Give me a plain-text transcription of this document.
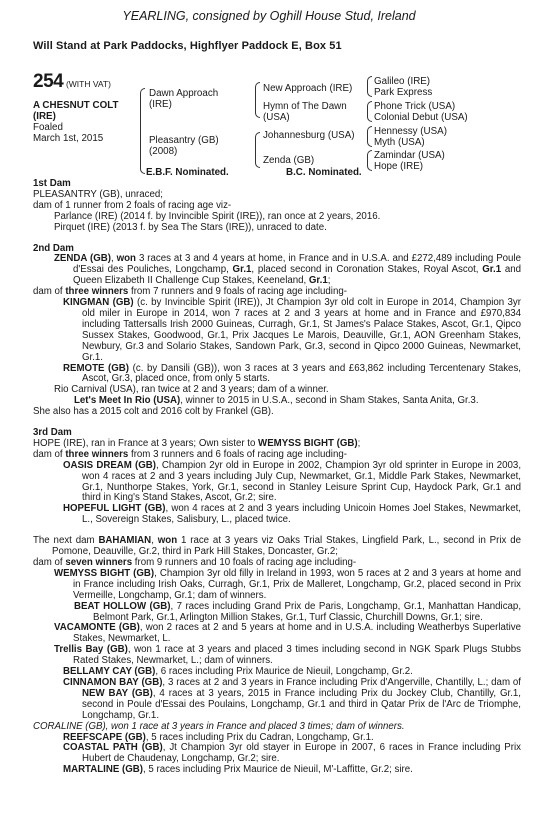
YEARLING, consigned by Oghill House Stud, Ireland
Will Stand at Park Paddocks, Highflyer Paddock E, Box 51
254 (WITH VAT)
A CHESNUT COLT
(IRE)
Foaled
March 1st, 2015
Dawn Approach
(IRE)
Pleasantry (GB)
(2008)
New Approach (IRE)
Hymn of The Dawn
(USA)
Johannesburg (USA)
Zenda (GB)
Galileo (IRE)
Park Express
Phone Trick (USA)
Colonial Debut (USA)
Hennessy (USA)
Myth (USA)
Zamindar (USA)
Hope (IRE)
E.B.F. Nominated.	B.C. Nominated.

1st Dam

PLEASANTRY (GB), unraced;

dam of 1 runner from 2 foals of racing age viz-

Parlance (IRE) (2014 f. by Invincible Spirit (IRE)), ran once at 2 years, 2016.

Pirquet (IRE) (2013 f. by Sea The Stars (IRE)), unraced to date.

2nd Dam

ZENDA (GB), won 3 races at 3 and 4 years at home, in France and in U.S.A. and £272,489 including Poule d'Essai des Pouliches, Longchamp, Gr.1, placed second in Coronation Stakes, Royal Ascot, Gr.1 and Queen Elizabeth II Challenge Cup Stakes, Keeneland, Gr.1;

dam of three winners from 7 runners and 9 foals of racing age including-

KINGMAN (GB) (c. by Invincible Spirit (IRE)), Jt Champion 3yr old colt in Europe in 2014, Champion 3yr old miler in Europe in 2014, won 7 races at 2 and 3 years at home and in France and £970,834 including Tattersalls Irish 2000 Guineas, Curragh, Gr.1, St James's Palace Stakes, Ascot, Gr.1, Qipco Sussex Stakes, Goodwood, Gr.1, Prix Jacques Le Marois, Deauville, Gr.1, AON Greenham Stakes, Newbury, Gr.3 and Solario Stakes, Sandown Park, Gr.3, second in Qipco 2000 Guineas, Newmarket, Gr.1.

REMOTE (GB) (c. by Dansili (GB)), won 3 races at 3 years and £63,862 including Tercentenary Stakes, Ascot, Gr.3, placed once, from only 5 starts.

Rio Carnival (USA), ran twice at 2 and 3 years; dam of a winner.

Let's Meet In Rio (USA), winner to 2015 in U.S.A., second in Sham Stakes, Santa Anita, Gr.3.

She also has a 2015 colt and 2016 colt by Frankel (GB).

3rd Dam

HOPE (IRE), ran in France at 3 years; Own sister to WEMYSS BIGHT (GB);

dam of three winners from 3 runners and 6 foals of racing age including-

OASIS DREAM (GB), Champion 2yr old in Europe in 2002, Champion 3yr old sprinter in Europe in 2003, won 4 races at 2 and 3 years including July Cup, Newmarket, Gr.1, Middle Park Stakes, Newmarket, Gr.1, Nunthorpe Stakes, York, Gr.1, second in Stanley Leisure Sprint Cup, Haydock Park, Gr.1 and third in King's Stand Stakes, Ascot, Gr.2; sire.

HOPEFUL LIGHT (GB), won 4 races at 2 and 3 years including Unicoin Homes Joel Stakes, Newmarket, L., Sovereign Stakes, Salisbury, L., placed twice.

The next dam BAHAMIAN, won 1 race at 3 years viz Oaks Trial Stakes, Lingfield Park, L., second in Prix de Pomone, Deauville, Gr.2, third in Park Hill Stakes, Doncaster, Gr.2;

dam of seven winners from 9 runners and 10 foals of racing age including-

WEMYSS BIGHT (GB), Champion 3yr old filly in Ireland in 1993, won 5 races at 2 and 3 years at home and in France including Irish Oaks, Curragh, Gr.1, Prix de Malleret, Longchamp, Gr.2, placed second in Prix Vermeille, Longchamp, Gr.1; dam of winners.

BEAT HOLLOW (GB), 7 races including Grand Prix de Paris, Longchamp, Gr.1, Manhattan Handicap, Belmont Park, Gr.1, Arlington Million Stakes, Gr.1, Turf Classic, Churchill Downs, Gr.1; sire.

VACAMONTE (GB), won 2 races at 2 and 5 years at home and in U.S.A. including Weatherbys Superlative Stakes, Newmarket, L.

Trellis Bay (GB), won 1 race at 3 years and placed 3 times including second in NGK Spark Plugs Stubbs Rated Stakes, Newmarket, L.; dam of winners.

BELLAMY CAY (GB), 6 races including Prix Maurice de Nieuil, Longchamp, Gr.2.

CINNAMON BAY (GB), 3 races at 2 and 3 years in France including Prix d'Angerville, Chantilly, L.; dam of NEW BAY (GB), 4 races at 3 years, 2015 in France including Prix du Jockey Club, Chantilly, Gr.1, second in Poule d'Essai des Poulains, Longchamp, Gr.1 and third in Qatar Prix de l'Arc de Triomphe, Longchamp, Gr.1.

CORALINE (GB), won 1 race at 3 years in France and placed 3 times; dam of winners.

REEFSCAPE (GB), 5 races including Prix du Cadran, Longchamp, Gr.1.

COASTAL PATH (GB), Jt Champion 3yr old stayer in Europe in 2007, 6 races in France including Prix Hubert de Chaudenay, Longchamp, Gr.2; sire.

MARTALINE (GB), 5 races including Prix Maurice de Nieuil, M'-Laffitte, Gr.2; sire.
